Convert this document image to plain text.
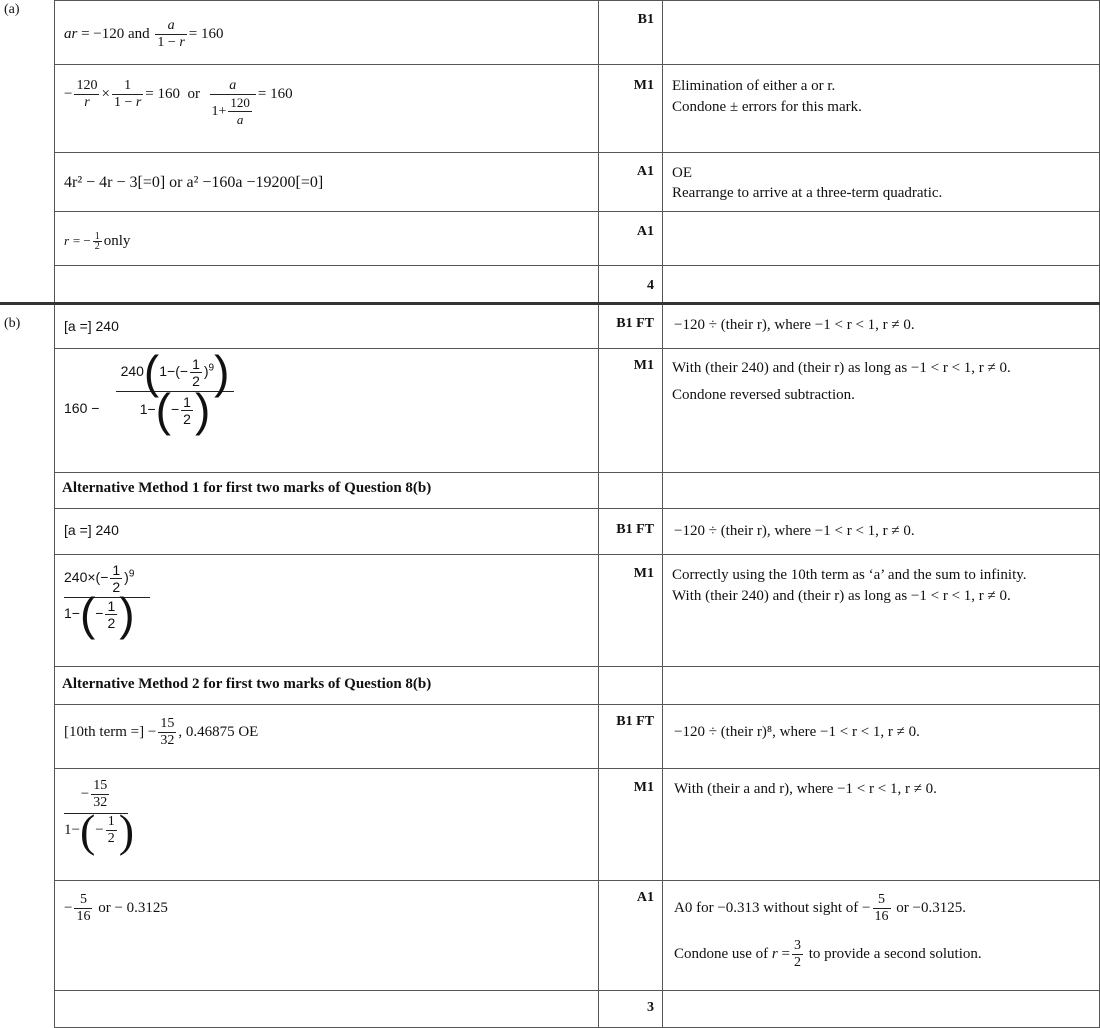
(a)
(b)
ar = −120 and $\frac{a}{1 - r} = 160$
B1
− $\frac{120}{r} \times \frac{1}{1 - r} = 160$  or $\frac{a}{1+ \frac{120}{a}} = 160$
M1 Elimination of either a or r.
Condone ± errors for this mark.
4r² − 4r − 3[=0] or a² −160a −19200[=0]
A1 OE
Rearrange to arrive at a three-term quadratic.
r = − $\frac{1}{2}$ only
A1
4
[a =] 240	B1 FT −120 ÷ (their r), where −1 < r < 1, r ≠ 0.
160 −
$240(1-(- \frac{1}{2} )^9)$
$1-(- \frac{1}{2}$ )
M1 With (their 240) and (their r) as long as −1 < r < 1, r ≠ 0.
Condone reversed subtraction.
Alternative Method 1 for first two marks of Question 8(b)
[a =] 240	B1 FT −120 ÷ (their r), where −1 < r < 1, r ≠ 0.
$240\times(- \frac{1}{2} )^9$
$1-(- \frac{1}{2}$ )
M1 Correctly using the 10th term as ‘a’ and the sum to infinity.
With (their 240) and (their r) as long as −1 < r < 1, r ≠ 0.
Alternative Method 2 for first two marks of Question 8(b)
[10th term =] − $\frac{15}{32}$ , 0.46875 OE
B1 FT
−120 ÷ (their r)⁸, where −1 < r < 1, r ≠ 0.
− $\frac{15}{32}$
$1-(- \frac{1}{2}$ )
M1 With (their a and r), where −1 < r < 1, r ≠ 0.
− $\frac{5}{16}$ or − 0.3125
A1
A0 for −0.313 without sight of − $\frac{5}{16}$ or −0.3125.
Condone use of $r = \frac{3}{2}$ to provide a second solution.
3
